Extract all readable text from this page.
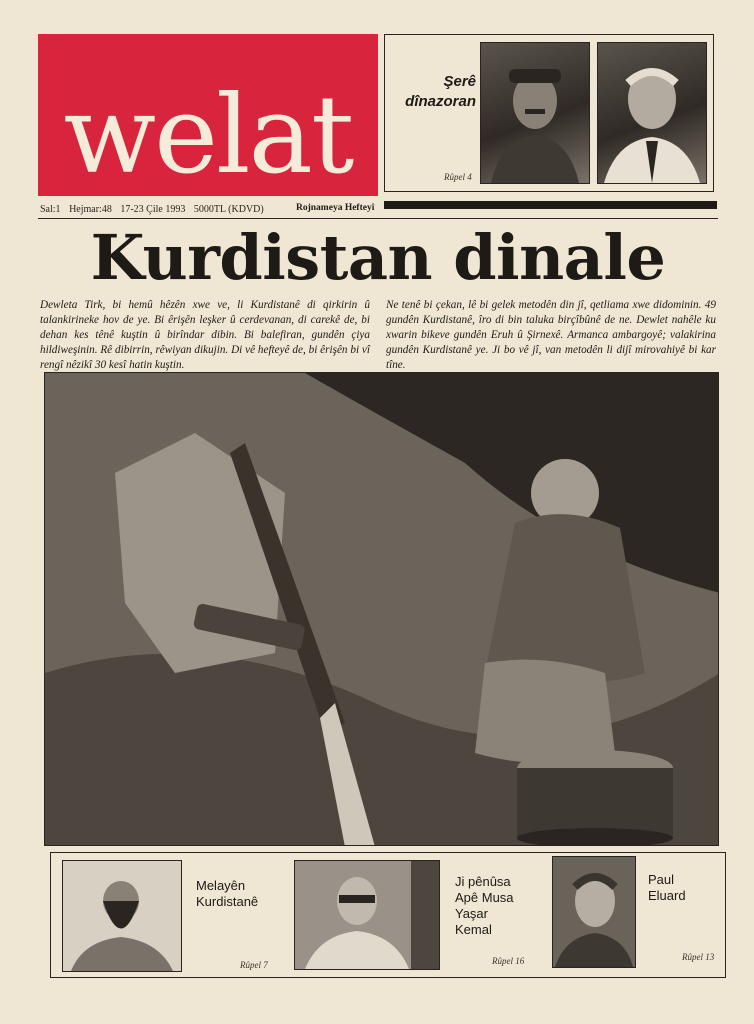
welat	Şerê
dînazoran
Rûpel 4
Sal:1 Hejmar:48 17-23 Çile 1993 5000TL (KDVD)	Rojnameya Hefteyî
Kurdistan dinale
Dewleta Tirk, bi hemû hêzên xwe ve, li Kurdistanê di qirkirin û talankirineke hov de ye. Bi êrişên leşker û cerdevanan, di carekê de, bi dehan kes tênê kuştin û birîndar dibin. Bi balefiran, gundên çiya hildiweşinin. Rê dibirrin, rêwiyan dikujin. Di vê hefteyê de, bi êrişên bi vî rengî nêzikî 30 kesî hatin kuştin.
Ne tenê bi çekan, lê bi gelek metodên din jî, qetliama xwe didominin. 49 gundên Kurdistanê, îro di bin taluka birçîbûnê de ne. Dewlet nahêle ku xwarin bikeve gundên Eruh û Şirnexê. Armanca ambargoyê; valakirina gundên Kurdistanê ye. Ji bo vê jî, van metodên li dijî mirovahiyê bi kar tîne.
Melayên
Kurdistanê
Rûpel 7
Ji pênûsa
Apê Musa
Yaşar
Kemal
Rûpel 16
Paul
Eluard
Rûpel 13
